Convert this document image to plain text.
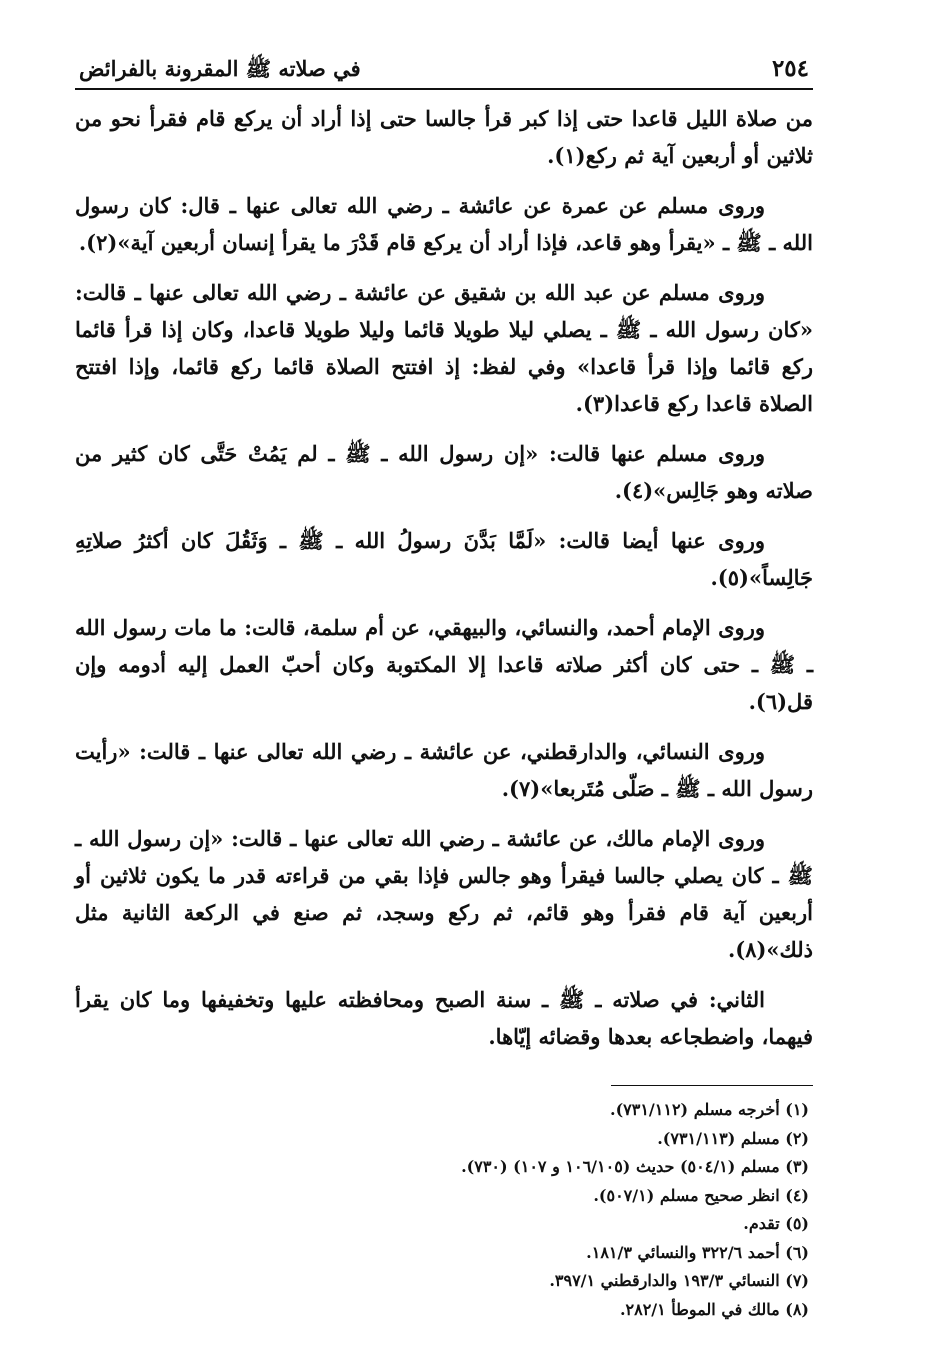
٢٥٤
في صلاته ﷺ المقرونة بالفرائض

من صلاة الليل قاعدا حتى إذا كبر قرأ جالسا حتى إذا أراد أن يركع قام فقرأ نحو من ثلاثين أو أربعين آية ثم ركع(١).

وروى مسلم عن عمرة عن عائشة ـ رضي الله تعالى عنها ـ قال: كان رسول الله ـ ﷺ ـ «يقرأ وهو قاعد، فإذا أراد أن يركع قام قَدْرَ ما يقرأ إنسان أربعين آية»(٢).

وروى مسلم عن عبد الله بن شقيق عن عائشة ـ رضي الله تعالى عنها ـ قالت: «كان رسول الله ـ ﷺ ـ يصلي ليلا طويلا قائما وليلا طويلا قاعدا، وكان إذا قرأ قائما ركع قائما وإذا قرأ قاعدا» وفي لفظ: إذ افتتح الصلاة قائما ركع قائما، وإذا افتتح الصلاة قاعدا ركع قاعدا(٣).

وروى مسلم عنها قالت: «إن رسول الله ـ ﷺ ـ لم يَمُتْ حَتَّى كان كثير من صلاته وهو جَالِس»(٤).

وروى عنها أيضا قالت: «لَمَّا بَدَّنَ رسولُ الله ـ ﷺ ـ وَثَقُلَ كان أكثرُ صلاتِهِ جَالِساً»(٥).

وروى الإمام أحمد، والنسائي، والبيهقي، عن أم سلمة، قالت: ما مات رسول الله ـ ﷺ ـ حتى كان أكثر صلاته قاعدا إلا المكتوبة وكان أحبّ العمل إليه أدومه وإن قل(٦).

وروى النسائي، والدارقطني، عن عائشة ـ رضي الله تعالى عنها ـ قالت: «رأيت رسول الله ـ ﷺ ـ صَلّى مُتَربعا»(٧).

وروى الإمام مالك، عن عائشة ـ رضي الله تعالى عنها ـ قالت: «إن رسول الله ـ ﷺ ـ كان يصلي جالسا فيقرأ وهو جالس فإذا بقي من قراءته قدر ما يكون ثلاثين أو أربعين آية قام فقرأ وهو قائم، ثم ركع وسجد، ثم صنع في الركعة الثانية مثل ذلك»(٨).

الثاني: في صلاته ـ ﷺ ـ سنة الصبح ومحافظته عليها وتخفيفها وما كان يقرأ فيهما، واضطجاعه بعدها وقضائه إيّاها.

(١) أخرجه مسلم (٧٣١/١١٢).
(٢) مسلم (٧٣١/١١٣).
(٣) مسلم (٥٠٤/١) حديث (١٠٦/١٠٥ و ١٠٧) (٧٣٠).
(٤) انظر صحيح مسلم (٥٠٧/١).
(٥) تقدم.
(٦) أحمد ٣٢٢/٦ والنسائي ١٨١/٣.
(٧) النسائي ١٩٣/٣ والدارقطني ٣٩٧/١.
(٨) مالك في الموطأ ٢٨٢/١.
